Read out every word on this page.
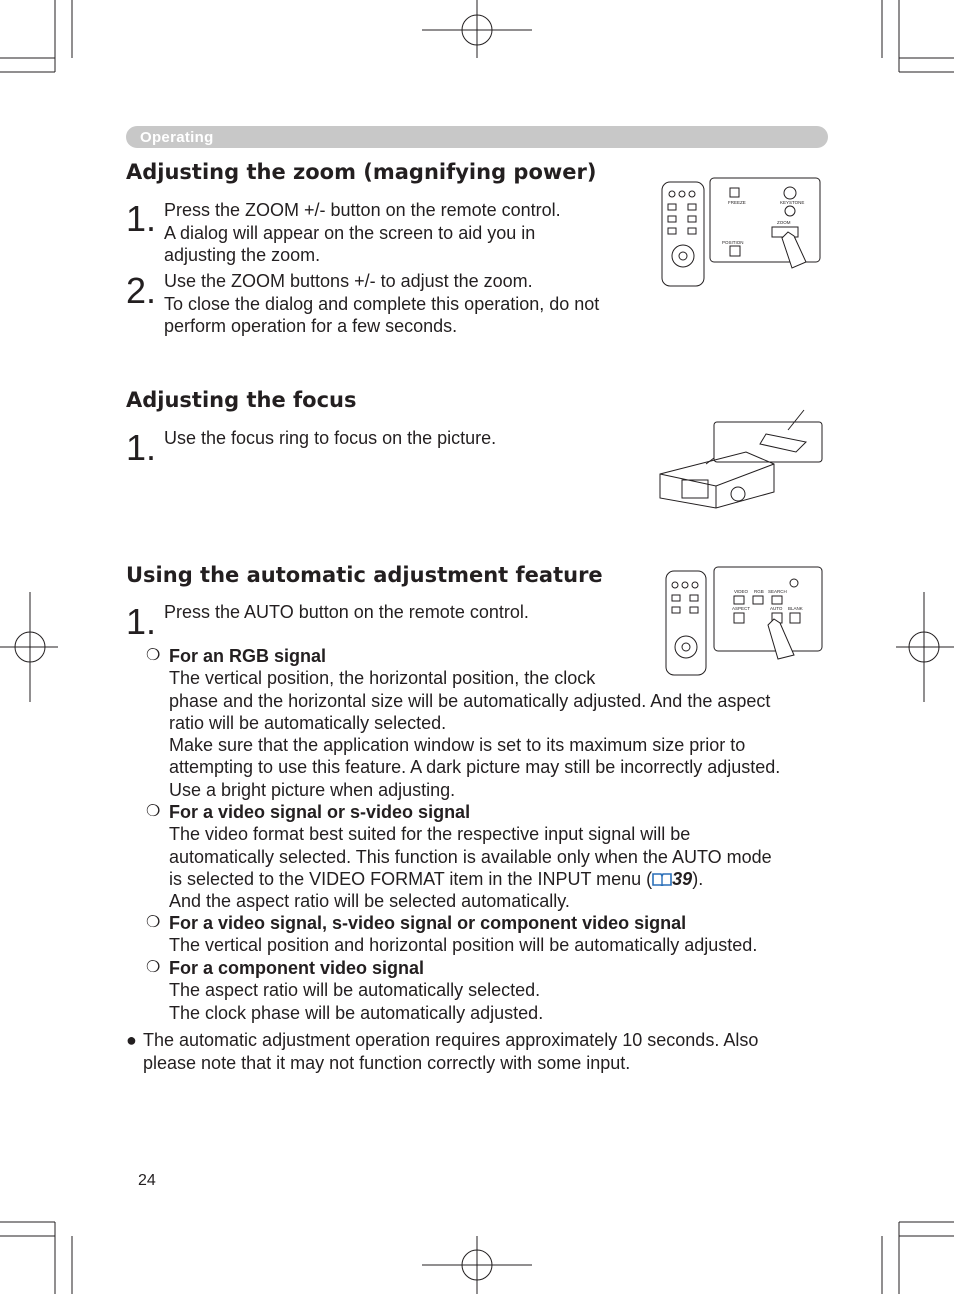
Operating
Adjusting the zoom (magnifying power)
1. Press the ZOOM +/- button on the remote control.

A dialog will appear on the screen to aid you in

adjusting the zoom.

2. Use the ZOOM buttons +/- to adjust the zoom.

To close the dialog and complete this operation, do not

perform operation for a few seconds.

FREEZE	KEYSTONE
ZOOM
POSITION
Adjusting the focus
1. Use the focus ring to focus on the picture.

Using the automatic adjustment feature
1. Press the AUTO button on the remote control.

VIDEO RGB SEARCH
ASPECT	AUTO BLANK
❍ For an RGB signal
The vertical position, the horizontal position, the clock
phase and the horizontal size will be automatically adjusted. And the aspect
ratio will be automatically selected.
Make sure that the application window is set to its maximum size prior to
attempting to use this feature. A dark picture may still be incorrectly adjusted.
Use a bright picture when adjusting.
❍ For a video signal or s-video signal
The video format best suited for the respective input signal will be
automatically selected. This function is available only when the AUTO mode
is selected to the VIDEO FORMAT item in the INPUT menu ( 39).
And the aspect ratio will be selected automatically.
❍ For a video signal, s-video signal or component video signal
The vertical position and horizontal position will be automatically adjusted.
❍ For a component video signal
The aspect ratio will be automatically selected.
The clock phase will be automatically adjusted.
● The automatic adjustment operation requires approximately 10 seconds. Also
please note that it may not function correctly with some input.
24
